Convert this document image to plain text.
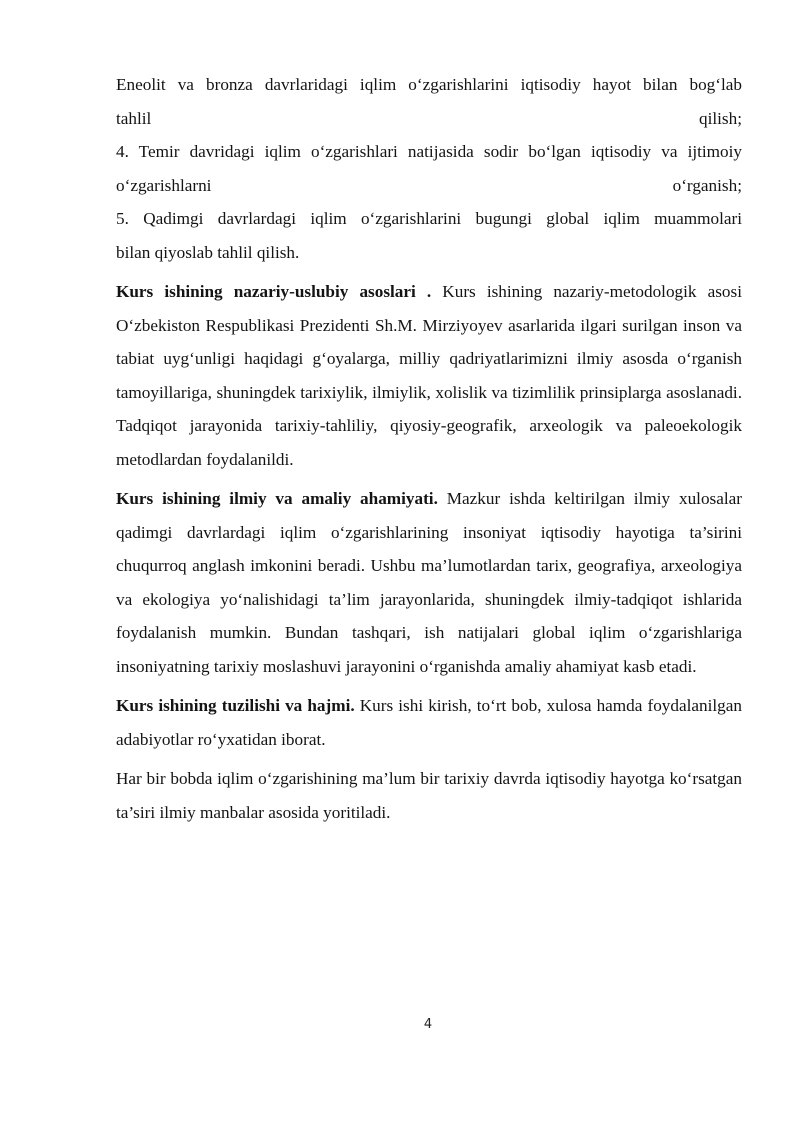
Eneolit va bronza davrlaridagi iqlim o‘zgarishlarini iqtisodiy hayot bilan bog‘lab
tahlil	qilish;
4. Temir davridagi iqlim o‘zgarishlari natijasida sodir bo‘lgan iqtisodiy va ijtimoiy
o‘zgarishlarni	o‘rganish;
5. Qadimgi davrlardagi iqlim o‘zgarishlarini bugungi global iqlim muammolari
bilan qiyoslab tahlil qilish.

Kurs ishining nazariy-uslubiy asoslari . Kurs ishining nazariy-metodologik asosi O‘zbekiston Respublikasi Prezidenti Sh.M. Mirziyoyev asarlarida ilgari surilgan inson va tabiat uyg‘unligi haqidagi g‘oyalarga, milliy qadriyatlarimizni ilmiy asosda o‘rganish tamoyillariga, shuningdek tarixiylik, ilmiylik, xolislik va tizimlilik prinsiplarga asoslanadi. Tadqiqot jarayonida tarixiy-tahliliy, qiyosiy-geografik, arxeologik va paleoekologik metodlardan foydalanildi.

Kurs ishining ilmiy va amaliy ahamiyati. Mazkur ishda keltirilgan ilmiy xulosalar qadimgi davrlardagi iqlim o‘zgarishlarining insoniyat iqtisodiy hayotiga ta’sirini chuqurroq anglash imkonini beradi. Ushbu ma’lumotlardan tarix, geografiya, arxeologiya va ekologiya yo‘nalishidagi ta’lim jarayonlarida, shuningdek ilmiy-tadqiqot ishlarida foydalanish mumkin. Bundan tashqari, ish natijalari global iqlim o‘zgarishlariga insoniyatning tarixiy moslashuvi jarayonini o‘rganishda amaliy ahamiyat kasb etadi.

Kurs ishining tuzilishi va hajmi. Kurs ishi kirish, to‘rt bob, xulosa hamda foydalanilgan adabiyotlar ro‘yxatidan iborat.

Har bir bobda iqlim o‘zgarishining ma’lum bir tarixiy davrda iqtisodiy hayotga ko‘rsatgan ta’siri ilmiy manbalar asosida yoritiladi.

4
